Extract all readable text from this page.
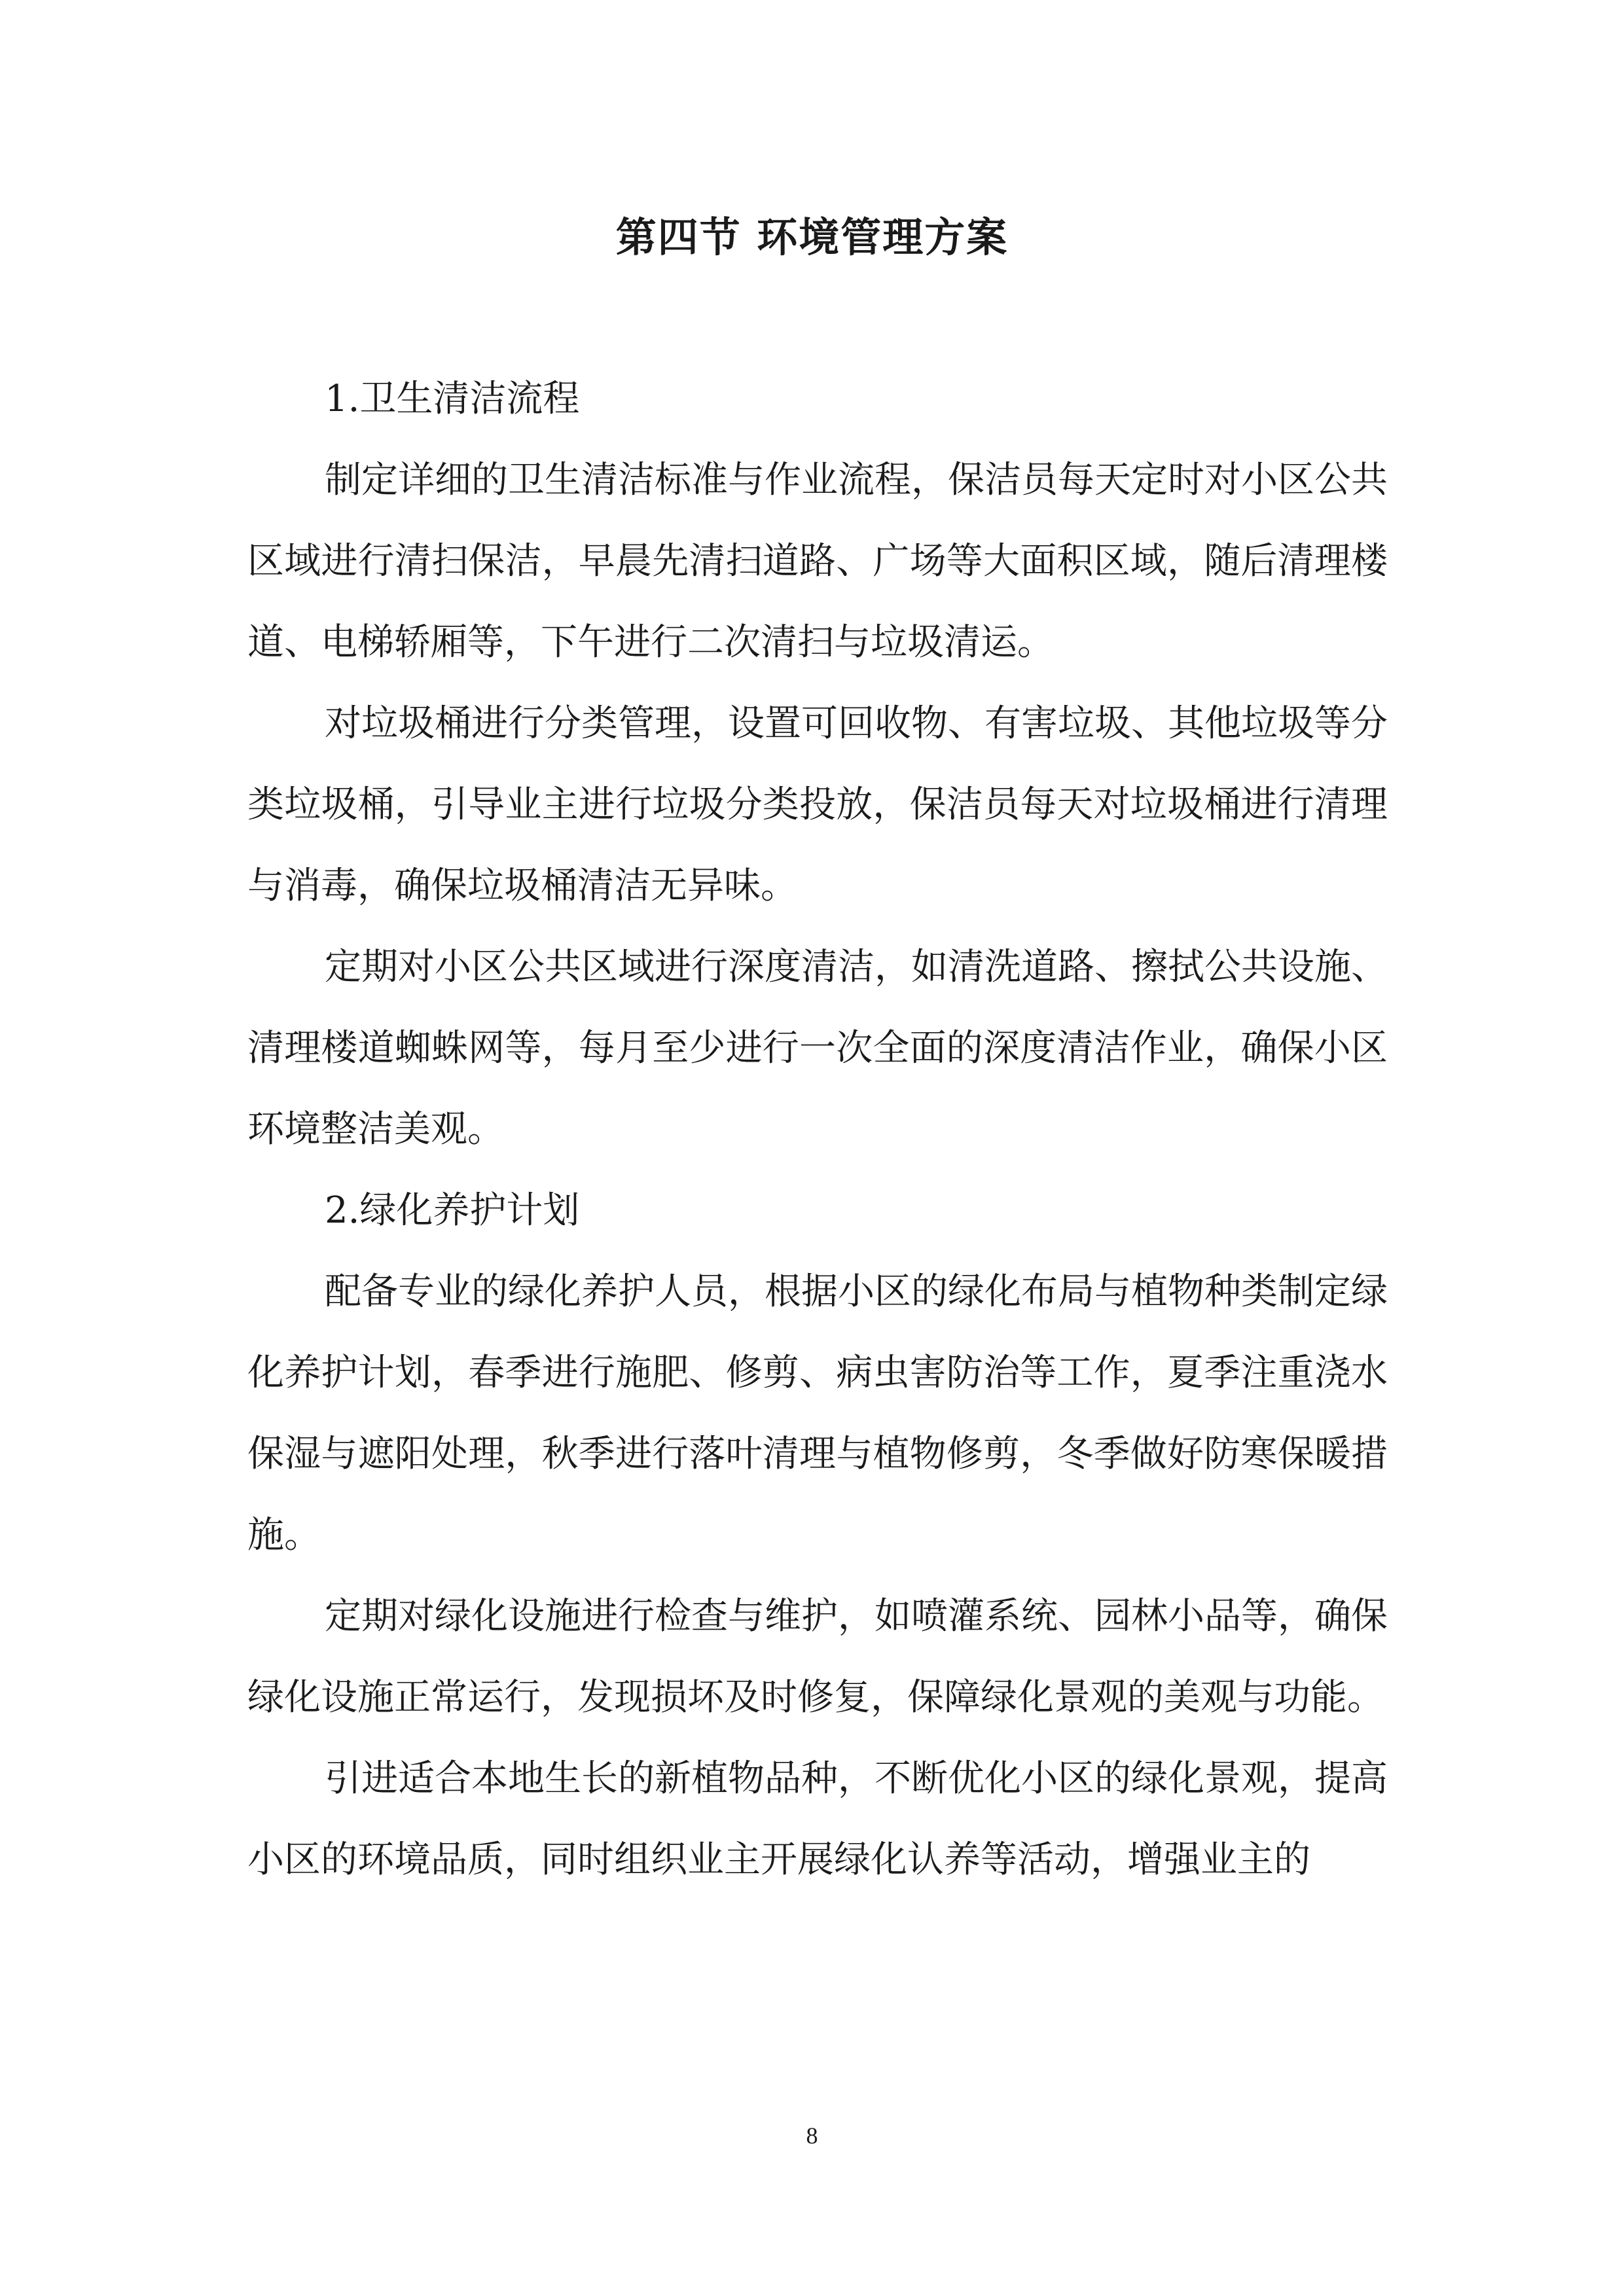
第四节 环境管理方案

1.卫生清洁流程

制定详细的卫生清洁标准与作业流程，保洁员每天定时对小区公共区域进行清扫保洁，早晨先清扫道路、广场等大面积区域，随后清理楼道、电梯轿厢等，下午进行二次清扫与垃圾清运。

对垃圾桶进行分类管理，设置可回收物、有害垃圾、其他垃圾等分类垃圾桶，引导业主进行垃圾分类投放，保洁员每天对垃圾桶进行清理与消毒，确保垃圾桶清洁无异味。

定期对小区公共区域进行深度清洁，如清洗道路、擦拭公共设施、清理楼道蜘蛛网等，每月至少进行一次全面的深度清洁作业，确保小区环境整洁美观。

2.绿化养护计划

配备专业的绿化养护人员，根据小区的绿化布局与植物种类制定绿化养护计划，春季进行施肥、修剪、病虫害防治等工作，夏季注重浇水保湿与遮阳处理，秋季进行落叶清理与植物修剪，冬季做好防寒保暖措施。

定期对绿化设施进行检查与维护，如喷灌系统、园林小品等，确保绿化设施正常运行，发现损坏及时修复，保障绿化景观的美观与功能。

引进适合本地生长的新植物品种，不断优化小区的绿化景观，提高小区的环境品质，同时组织业主开展绿化认养等活动，增强业主的

8
